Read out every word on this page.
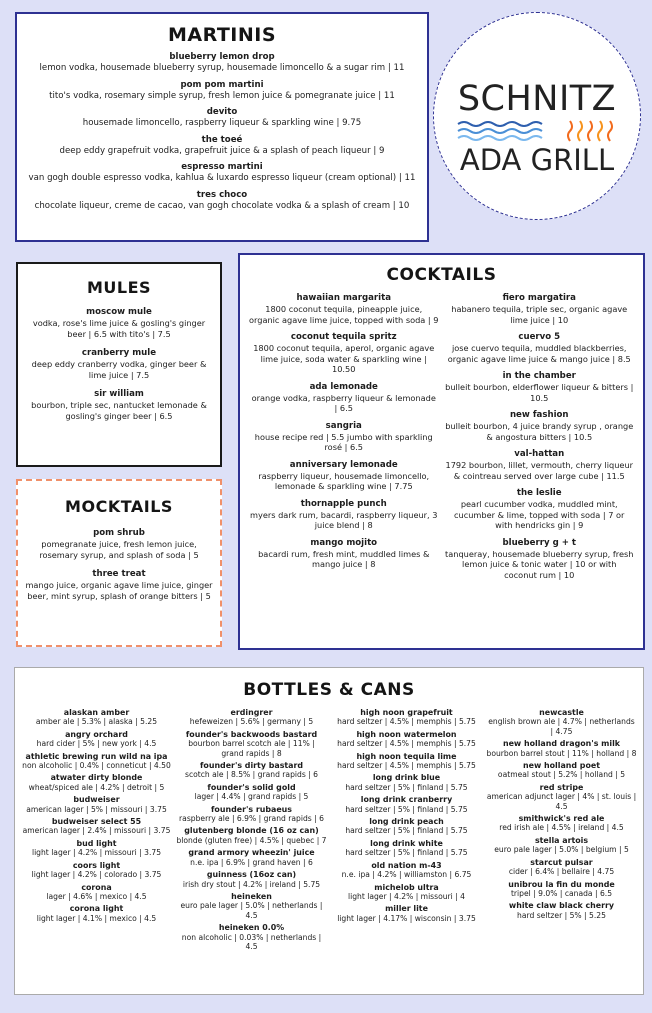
MARTINIS
blueberry lemon drop
lemon vodka, housemade blueberry syrup, housemade limoncello & a sugar rim | 11
pom pom martini
tito's vodka, rosemary simple syrup, fresh lemon juice & pomegranate juice | 11
devito
housemade limoncello, raspberry liqueur & sparkling wine | 9.75
the toeé
deep eddy grapefruit vodka, grapefruit juice & a splash of peach liqueur | 9
espresso martini
van gogh double espresso vodka, kahlua & luxardo espresso liqueur (cream optional) | 11
tres choco
chocolate liqueur, creme de cacao, van gogh chocolate vodka & a splash of cream | 10
SCHNITZ
ADA GRILL
MULES
moscow mule
vodka, rose's lime juice & gosling's ginger beer | 6.5 with tito's | 7.5
cranberry mule
deep eddy cranberry vodka, ginger beer & lime juice | 7.5
sir william
bourbon, triple sec, nantucket lemonade & gosling's ginger beer | 6.5
MOCKTAILS
pom shrub
pomegranate juice, fresh lemon juice, rosemary syrup, and splash of soda | 5
three treat
mango juice, organic agave lime juice, ginger beer, mint syrup, splash of orange bitters | 5
COCKTAILS
hawaiian margarita
1800 coconut tequila, pineapple juice, organic agave lime juice, topped with soda | 9
coconut tequila spritz
1800 coconut tequila, aperol, organic agave lime juice, soda water & sparkling wine | 10.50
ada lemonade
orange vodka, raspberry liqueur & lemonade | 6.5
sangria
house recipe red | 5.5 jumbo with sparkling rosé | 6.5
anniversary lemonade
raspberry liqueur, housemade limoncello, lemonade & sparkling wine | 7.75
thornapple punch
myers dark rum, bacardi, raspberry liqueur, 3 juice blend | 8
mango mojito
bacardi rum, fresh mint, muddled limes & mango juice | 8
fiero margatira
habanero tequila, triple sec, organic agave lime juice | 10
cuervo 5
jose cuervo tequila, muddled blackberries, organic agave lime juice & mango juice | 8.5
in the chamber
bulleit bourbon, elderflower liqueur & bitters | 10.5
new fashion
bulleit bourbon, 4 juice brandy syrup , orange & angostura bitters | 10.5
val-hattan
1792 bourbon, lillet, vermouth, cherry liqueur & cointreau served over large cube | 11.5
the leslie
pearl cucumber vodka, muddled mint, cucumber & lime, topped with soda | 7 or with hendricks gin | 9
blueberry g + t
tanqueray, housemade blueberry syrup, fresh lemon juice & tonic water | 10 or with coconut rum | 10
BOTTLES & CANS
alaskan amber
amber ale | 5.3% | alaska | 5.25
angry orchard
hard cider | 5% | new york | 4.5
athletic brewing run wild na ipa
non alcoholic | 0.4% | conneticut | 4.50
atwater dirty blonde
wheat/spiced ale | 4.2% | detroit | 5
budweiser
american lager | 5% | missouri | 3.75
budweiser select 55
american lager | 2.4% | missouri | 3.75
bud light
light lager | 4.2% | missouri | 3.75
coors light
light lager | 4.2% | colorado | 3.75
corona
lager | 4.6% | mexico | 4.5
corona light
light lager | 4.1% | mexico | 4.5
erdingrer
hefeweizen | 5.6% | germany | 5
founder's backwoods bastard
bourbon barrel scotch ale | 11% | grand rapids | 8
founder's dirty bastard
scotch ale | 8.5% | grand rapids | 6
founder's solid gold
lager | 4.4% | grand rapids | 5
founder's rubaeus
raspberry ale | 6.9% | grand rapids | 6
glutenberg blonde (16 oz can)
blonde (gluten free) | 4.5% | quebec | 7
grand armory wheezin' juice
n.e. ipa | 6.9% | grand haven | 6
guinness (16oz can)
irish dry stout | 4.2% | ireland | 5.75
heineken
euro pale lager | 5.0% | netherlands | 4.5
heineken 0.0%
non alcoholic | 0.03% | netherlands | 4.5
high noon grapefruit
hard seltzer | 4.5% | memphis | 5.75
high noon watermelon
hard seltzer | 4.5% | memphis | 5.75
high noon tequila lime
hard seltzer | 4.5% | memphis | 5.75
long drink blue
hard seltzer | 5% | finland | 5.75
long drink cranberry
hard seltzer | 5% | finland | 5.75
long drink peach
hard seltzer | 5% | finland | 5.75
long drink white
hard seltzer | 5% | finland | 5.75
old nation m-43
n.e. ipa | 4.2% | williamston | 6.75
michelob ultra
light lager | 4.2% | missouri | 4
miller lite
light lager | 4.17% | wisconsin | 3.75
newcastle
english brown ale | 4.7% | netherlands | 4.75
new holland dragon's milk
bourbon barrel stout | 11% | holland | 8
new holland poet
oatmeal stout | 5.2% | holland | 5
red stripe
american adjunct lager | 4% | st. louis | 4.5
smithwick's red ale
red irish ale | 4.5% | ireland | 4.5
stella artois
euro pale lager | 5.0% | belgium | 5
starcut pulsar
cider | 6.4% | bellaire | 4.75
unibrou la fin du monde
tripel | 9.0% | canada | 6.5
white claw black cherry
hard seltzer | 5% | 5.25
